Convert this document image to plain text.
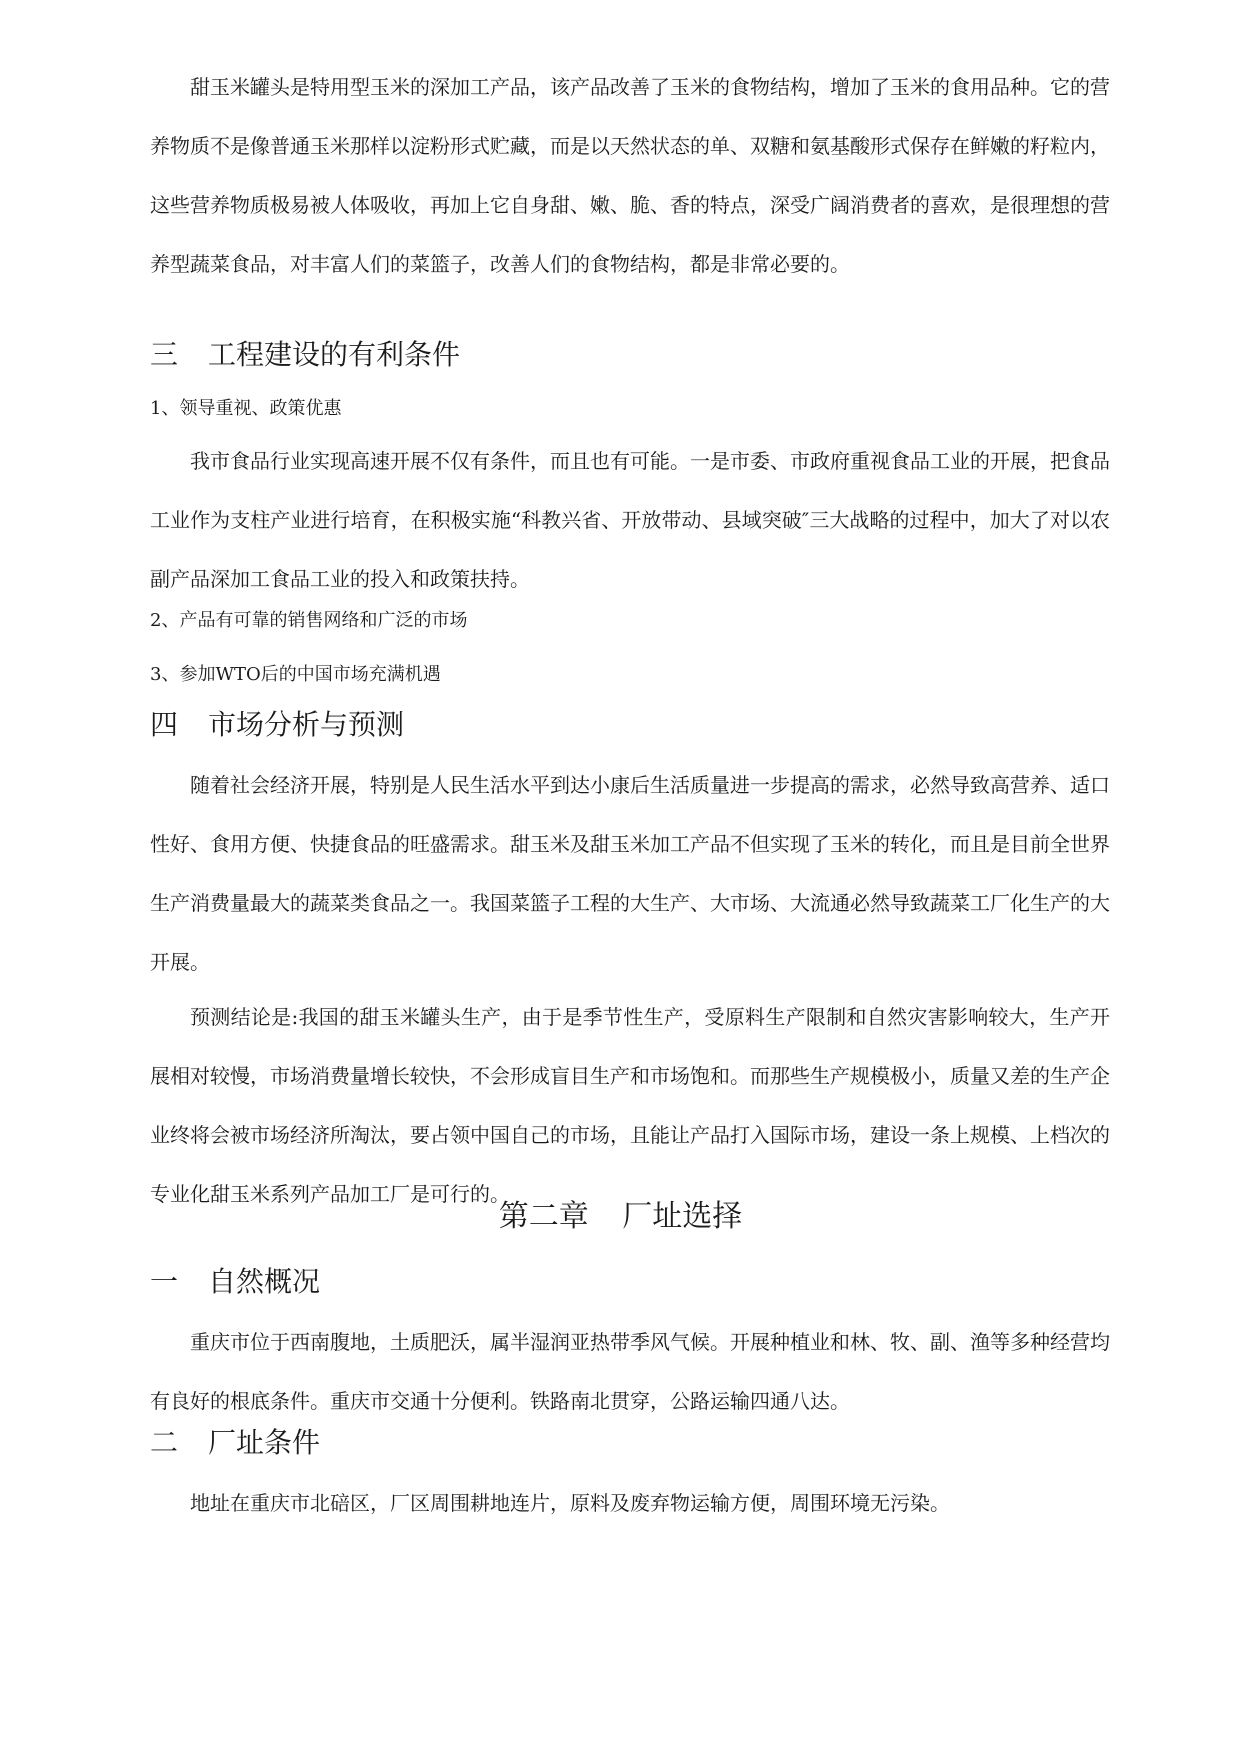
甜玉米罐头是特用型玉米的深加工产品，该产品改善了玉米的食物结构，增加了玉米的食用品种。它的营养物质不是像普通玉米那样以淀粉形式贮藏，而是以天然状态的单、双糖和氨基酸形式保存在鲜嫩的籽粒内，这些营养物质极易被人体吸收，再加上它自身甜、嫩、脆、香的特点，深受广阔消费者的喜欢，是很理想的营养型蔬菜食品，对丰富人们的菜篮子，改善人们的食物结构，都是非常必要的。

三 工程建设的有利条件

1、领导重视、政策优惠

我市食品行业实现高速开展不仅有条件，而且也有可能。一是市委、市政府重视食品工业的开展，把食品工业作为支柱产业进行培育，在积极实施“科教兴省、开放带动、县域突破″三大战略的过程中，加大了对以农副产品深加工食品工业的投入和政策扶持。

2、产品有可靠的销售网络和广泛的市场

3、参加WTO后的中国市场充满机遇

四 市场分析与预测

随着社会经济开展，特别是人民生活水平到达小康后生活质量进一步提高的需求，必然导致高营养、适口性好、食用方便、快捷食品的旺盛需求。甜玉米及甜玉米加工产品不但实现了玉米的转化，而且是目前全世界生产消费量最大的蔬菜类食品之一。我国菜篮子工程的大生产、大市场、大流通必然导致蔬菜工厂化生产的大开展。

预测结论是:我国的甜玉米罐头生产，由于是季节性生产，受原料生产限制和自然灾害影响较大，生产开展相对较慢，市场消费量增长较快，不会形成盲目生产和市场饱和。而那些生产规模极小，质量又差的生产企业终将会被市场经济所淘汰，要占领中国自己的市场，且能让产品打入国际市场，建设一条上规模、上档次的专业化甜玉米系列产品加工厂是可行的。

第二章 厂址选择
一 自然概况

重庆市位于西南腹地，土质肥沃，属半湿润亚热带季风气候。开展种植业和林、牧、副、渔等多种经营均有良好的根底条件。重庆市交通十分便利。铁路南北贯穿，公路运输四通八达。

二 厂址条件

地址在重庆市北碚区，厂区周围耕地连片，原料及废弃物运输方便，周围环境无污染。
